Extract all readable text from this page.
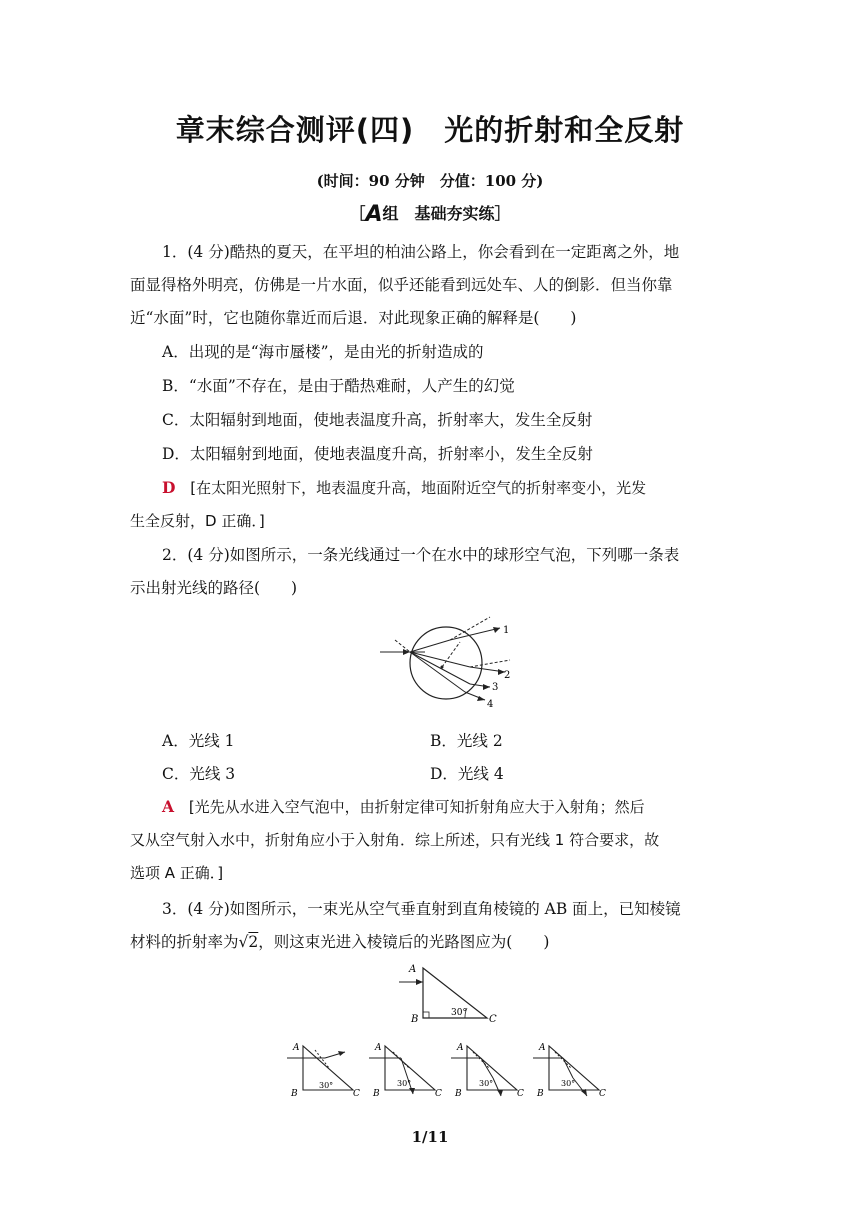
章末综合测评(四)　光的折射和全反射
(时间：90 分钟　分值：100 分)
［A组　基础夯实练］
1．(4 分)酷热的夏天，在平坦的柏油公路上，你会看到在一定距离之外，地
面显得格外明亮，仿佛是一片水面，似乎还能看到远处车、人的倒影．但当你靠
近“水面”时，它也随你靠近而后退．对此现象正确的解释是(　　)
A．出现的是“海市蜃楼”，是由光的折射造成的
B．“水面”不存在，是由于酷热难耐，人产生的幻觉
C．太阳辐射到地面，使地表温度升高，折射率大，发生全反射
D．太阳辐射到地面，使地表温度升高，折射率小，发生全反射
D [在太阳光照射下，地表温度升高，地面附近空气的折射率变小，光发
生全反射，D 正确．]
2．(4 分)如图所示，一条光线通过一个在水中的球形空气泡，下列哪一条表
示出射光线的路径(　　)
1
2
3
4
A．光线 1	B．光线 2
C．光线 3	D．光线 4
A [光先从水进入空气泡中，由折射定律可知折射角应大于入射角；然后
又从空气射入水中，折射角应小于入射角．综上所述，只有光线 1 符合要求，故
选项 A 正确．]
3．(4 分)如图所示，一束光从空气垂直射到直角棱镜的 AB 面上，已知棱镜
材料的折射率为√2，则这束光进入棱镜后的光路图应为(　　)
A
B	C
30°
A
B	C
30°
A
B	C
30°
A
B	C
30°
A
B	C
30°
1/11
